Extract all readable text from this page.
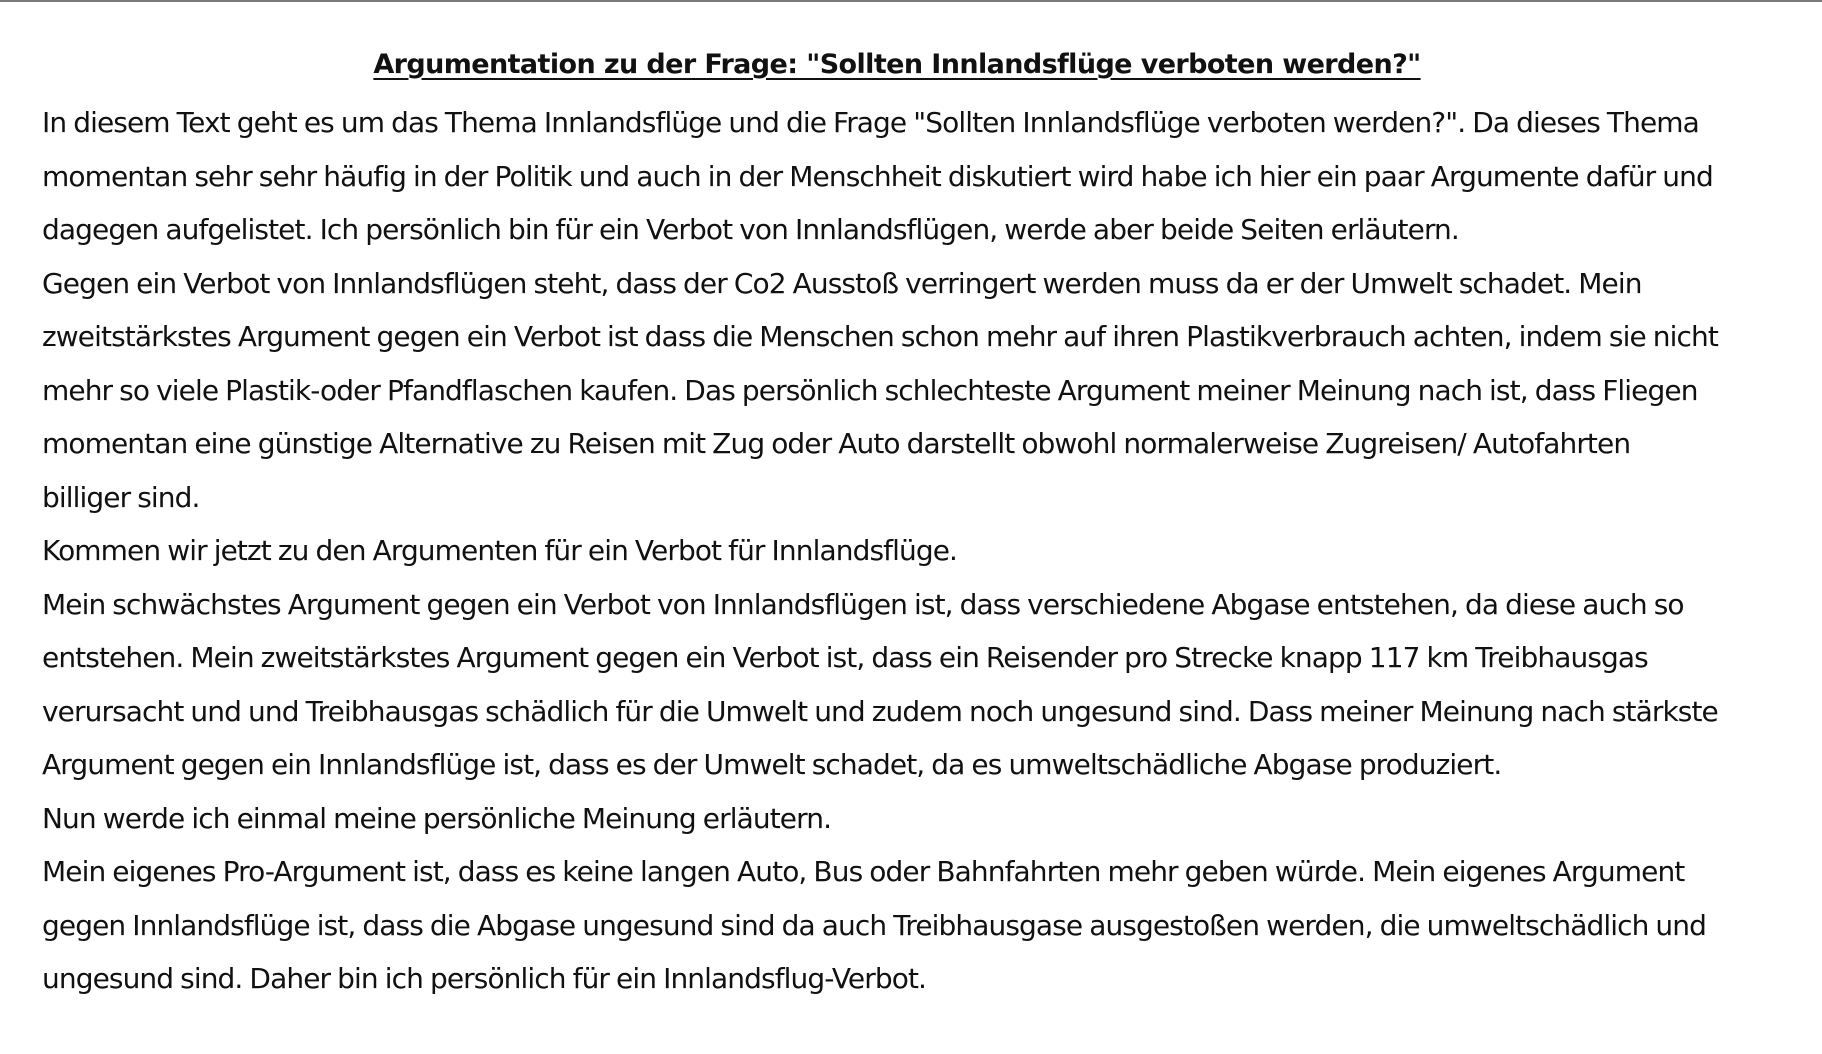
Argumentation zu der Frage: "Sollten Innlandsflüge verboten werden?"

In diesem Text geht es um das Thema Innlandsflüge und die Frage "Sollten Innlandsflüge verboten werden?". Da dieses Thema
momentan sehr sehr häufig in der Politik und auch in der Menschheit diskutiert wird habe ich hier ein paar Argumente dafür und
dagegen aufgelistet. Ich persönlich bin für ein Verbot von Innlandsflügen, werde aber beide Seiten erläutern.

Gegen ein Verbot von Innlandsflügen steht, dass der Co2 Ausstoß verringert werden muss da er der Umwelt schadet. Mein
zweitstärkstes Argument gegen ein Verbot ist dass die Menschen schon mehr auf ihren Plastikverbrauch achten, indem sie nicht
mehr so viele Plastik-oder Pfandflaschen kaufen. Das persönlich schlechteste Argument meiner Meinung nach ist, dass Fliegen
momentan eine günstige Alternative zu Reisen mit Zug oder Auto darstellt obwohl normalerweise Zugreisen/ Autofahrten
billiger sind.

Kommen wir jetzt zu den Argumenten für ein Verbot für Innlandsflüge.

Mein schwächstes Argument gegen ein Verbot von Innlandsflügen ist, dass verschiedene Abgase entstehen, da diese auch so
entstehen. Mein zweitstärkstes Argument gegen ein Verbot ist, dass ein Reisender pro Strecke knapp 117 km Treibhausgas
verursacht und und Treibhausgas schädlich für die Umwelt und zudem noch ungesund sind. Dass meiner Meinung nach stärkste
Argument gegen ein Innlandsflüge ist, dass es der Umwelt schadet, da es umweltschädliche Abgase produziert.

Nun werde ich einmal meine persönliche Meinung erläutern.

Mein eigenes Pro-Argument ist, dass es keine langen Auto, Bus oder Bahnfahrten mehr geben würde. Mein eigenes Argument
gegen Innlandsflüge ist, dass die Abgase ungesund sind da auch Treibhausgase ausgestoßen werden, die umweltschädlich und
ungesund sind. Daher bin ich persönlich für ein Innlandsflug-Verbot.
